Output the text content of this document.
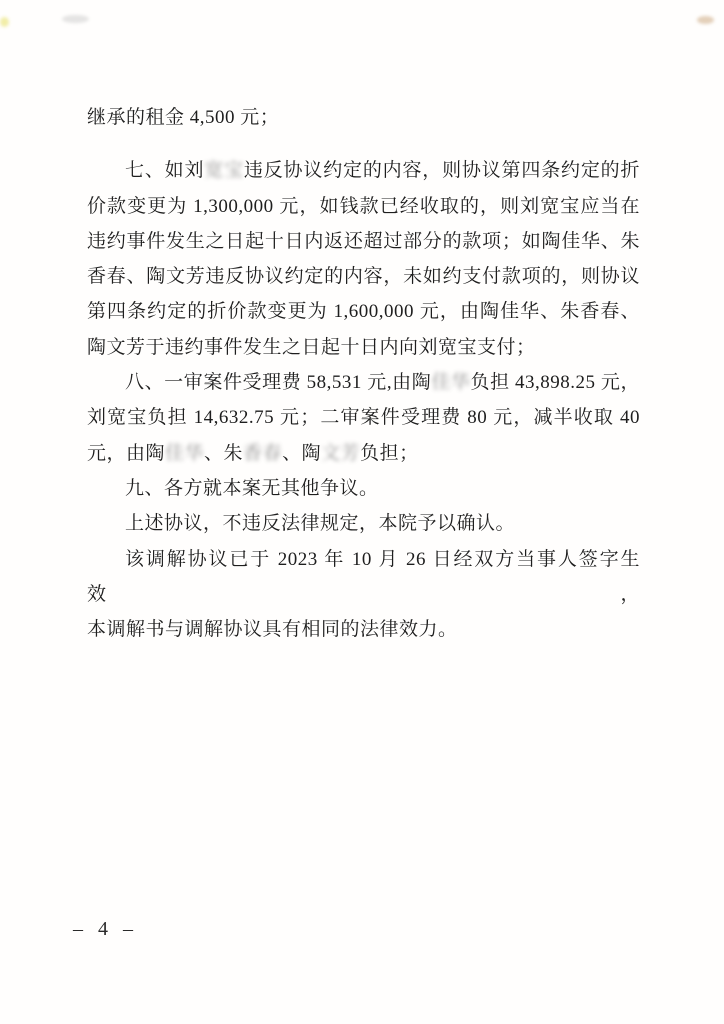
继承的租金 4,500 元；
七、如刘宽宝违反协议约定的内容，则协议第四条约定的折
价款变更为 1,300,000 元，如钱款已经收取的，则刘宽宝应当在
违约事件发生之日起十日内返还超过部分的款项；如陶佳华、朱
香春、陶文芳违反协议约定的内容，未如约支付款项的，则协议
第四条约定的折价款变更为 1,600,000 元，由陶佳华、朱香春、
陶文芳于违约事件发生之日起十日内向刘宽宝支付；
八、一审案件受理费 58,531 元,由陶佳华负担 43,898.25 元，
刘宽宝负担 14,632.75 元；二审案件受理费 80 元，减半收取 40
元，由陶佳华、朱香春、陶文芳负担；
九、各方就本案无其他争议。
上述协议，不违反法律规定，本院予以确认。
该调解协议已于 2023 年 10 月 26 日经双方当事人签字生效，
本调解书与调解协议具有相同的法律效力。
– 4 –
